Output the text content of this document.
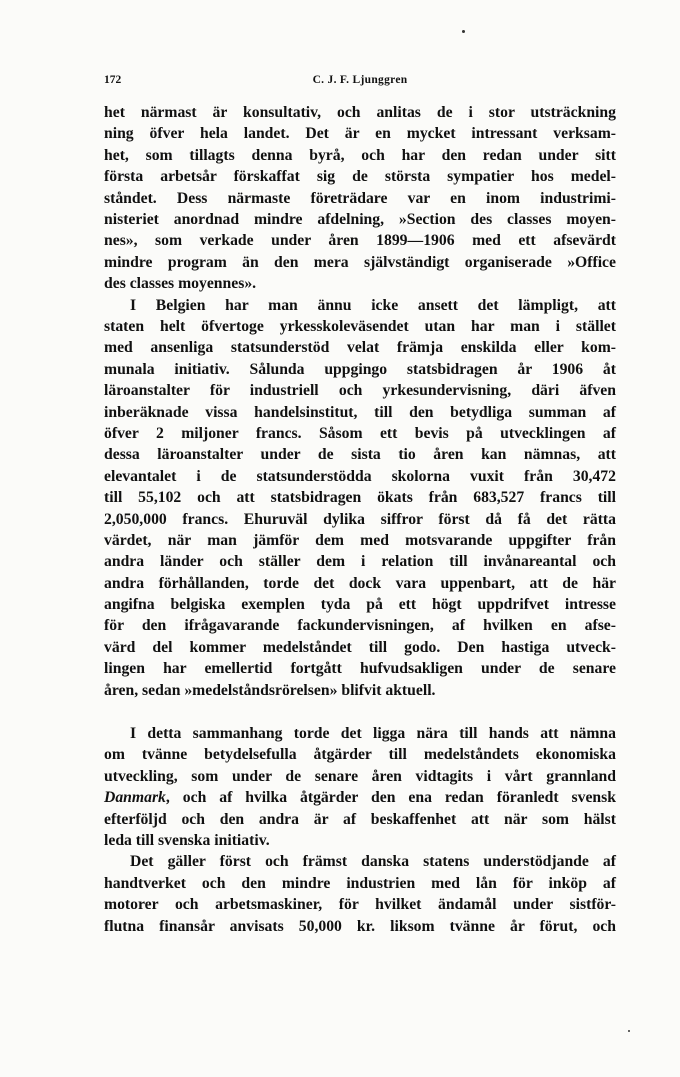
172	C. J. F. Ljunggren

het närmast är konsultativ, och anlitas de i stor utsträckning
ning öfver hela landet. Det är en mycket intressant verksam-
het, som tillagts denna byrå, och har den redan under sitt
första arbetsår förskaffat sig de största sympatier hos medel-
ståndet. Dess närmaste företrädare var en inom industrimi-
nisteriet anordnad mindre afdelning, »Section des classes moyen-
nes», som verkade under åren 1899—1906 med ett afsevärdt
mindre program än den mera självständigt organiserade »Office
des classes moyennes».

I Belgien har man ännu icke ansett det lämpligt, att
staten helt öfvertoge yrkesskoleväsendet utan har man i stället
med ansenliga statsunderstöd velat främja enskilda eller kom-
munala initiativ. Sålunda uppgingo statsbidragen år 1906 åt
läroanstalter för industriell och yrkesundervisning, däri äfven
inberäknade vissa handelsinstitut, till den betydliga summan af
öfver 2 miljoner francs. Såsom ett bevis på utvecklingen af
dessa läroanstalter under de sista tio åren kan nämnas, att
elevantalet i de statsunderstödda skolorna vuxit från 30,472
till 55,102 och att statsbidragen ökats från 683,527 francs till
2,050,000 francs. Ehuruväl dylika siffror först då få det rätta
värdet, när man jämför dem med motsvarande uppgifter från
andra länder och ställer dem i relation till invånareantal och
andra förhållanden, torde det dock vara uppenbart, att de här
angifna belgiska exemplen tyda på ett högt uppdrifvet intresse
för den ifrågavarande fackundervisningen, af hvilken en afse-
värd del kommer medelståndet till godo. Den hastiga utveck-
lingen har emellertid fortgått hufvudsakligen under de senare
åren, sedan »medelståndsrörelsen» blifvit aktuell.

I detta sammanhang torde det ligga nära till hands att nämna
om tvänne betydelsefulla åtgärder till medelståndets ekonomiska
utveckling, som under de senare åren vidtagits i vårt grannland
Danmark, och af hvilka åtgärder den ena redan föranledt svensk
efterföljd och den andra är af beskaffenhet att när som hälst
leda till svenska initiativ.

Det gäller först och främst danska statens understödjande af
handtverket och den mindre industrien med lån för inköp af
motorer och arbetsmaskiner, för hvilket ändamål under sistför-
flutna finansår anvisats 50,000 kr. liksom tvänne år förut, och
